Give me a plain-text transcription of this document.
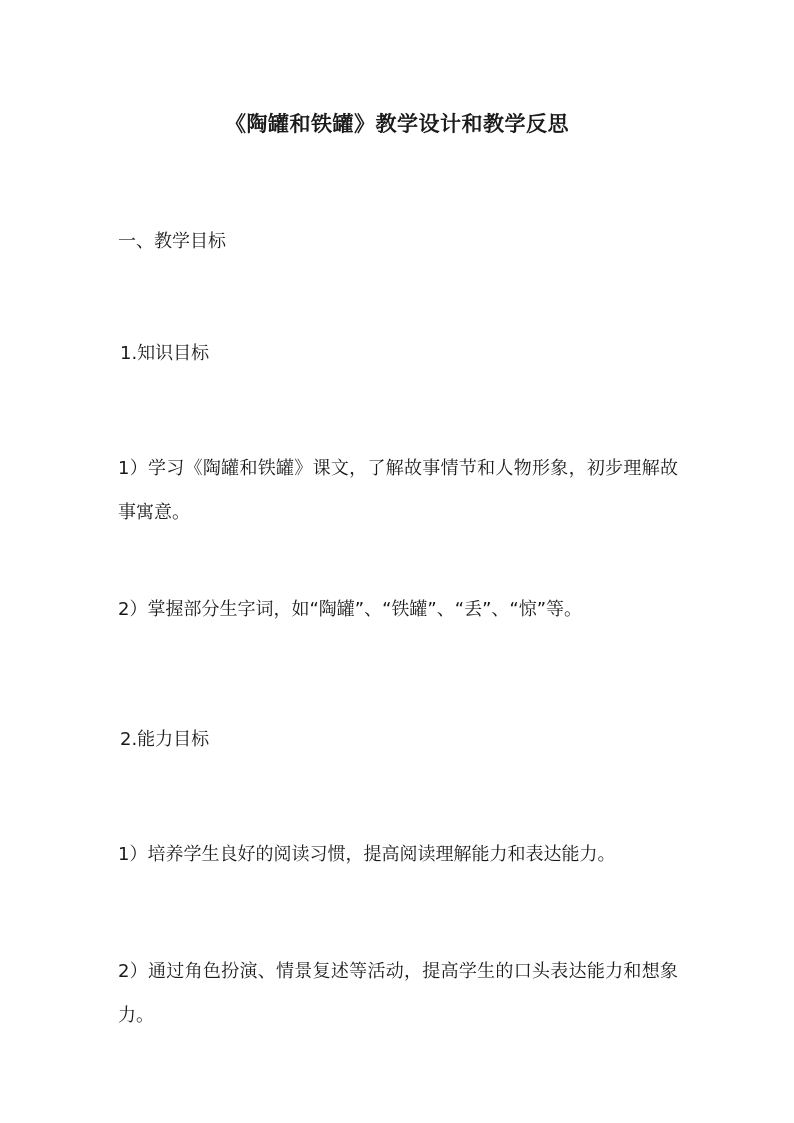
《陶罐和铁罐》教学设计和教学反思
一、教学目标
1.知识目标
1）学习《陶罐和铁罐》课文，了解故事情节和人物形象，初步理解故事寓意。
2）掌握部分生字词，如“陶罐”、“铁罐”、“丢”、“惊”等。
2.能力目标
1）培养学生良好的阅读习惯，提高阅读理解能力和表达能力。
2）通过角色扮演、情景复述等活动，提高学生的口头表达能力和想象力。
